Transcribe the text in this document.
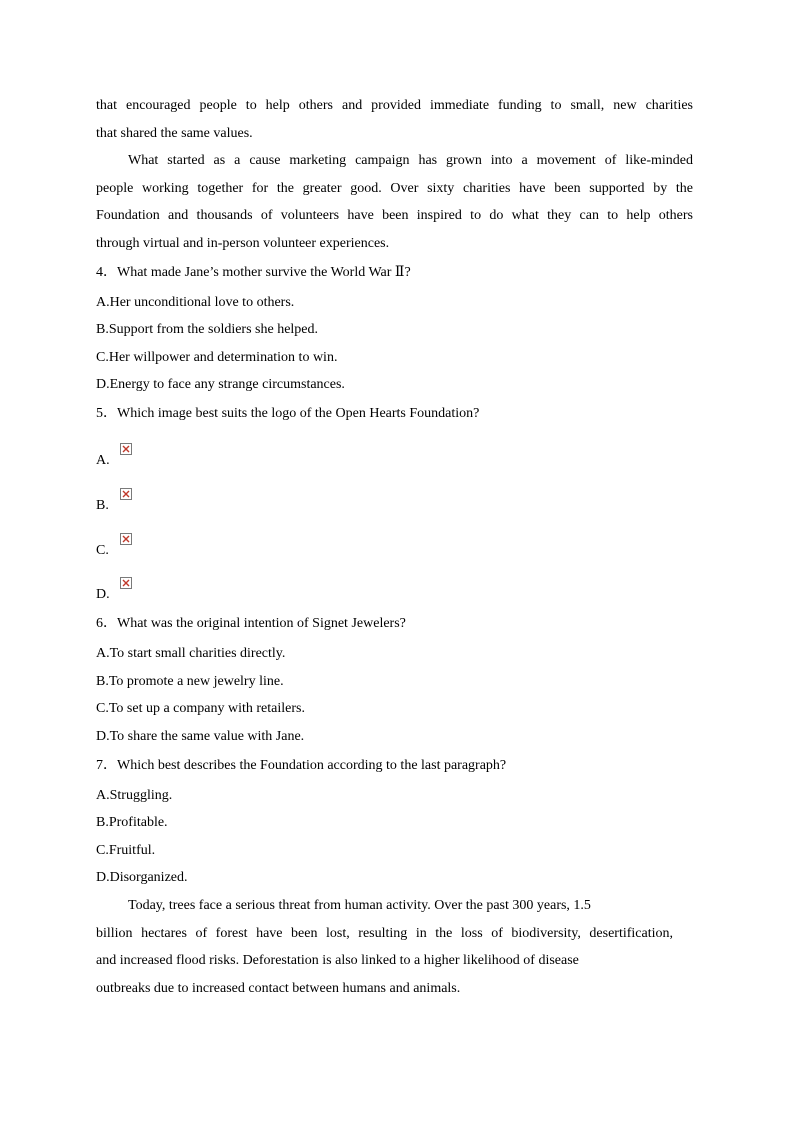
that encouraged people to help others and provided immediate funding to small, new charities
that shared the same values.
What started as a cause marketing campaign has grown into a movement of like-minded
people working together for the greater good. Over sixty charities have been supported by the
Foundation and thousands of volunteers have been inspired to do what they can to help others
through virtual and in-person volunteer experiences.
4．What made Jane’s mother survive the World War Ⅱ?
A.Her unconditional love to others.
B.Support from the soldiers she helped.
C.Her willpower and determination to win.
D.Energy to face any strange circumstances.
5．Which image best suits the logo of the Open Hearts Foundation?
A.
B.
C.
D.
6．What was the original intention of Signet Jewelers?
A.To start small charities directly.
B.To promote a new jewelry line.
C.To set up a company with retailers.
D.To share the same value with Jane.
7．Which best describes the Foundation according to the last paragraph?
A.Struggling.
B.Profitable.
C.Fruitful.
D.Disorganized.
Today, trees face a serious threat from human activity. Over the past 300 years, 1.5
billion hectares of forest have been lost, resulting in the loss of biodiversity, desertification,
and increased flood risks. Deforestation is also linked to a higher likelihood of disease
outbreaks due to increased contact between humans and animals.
